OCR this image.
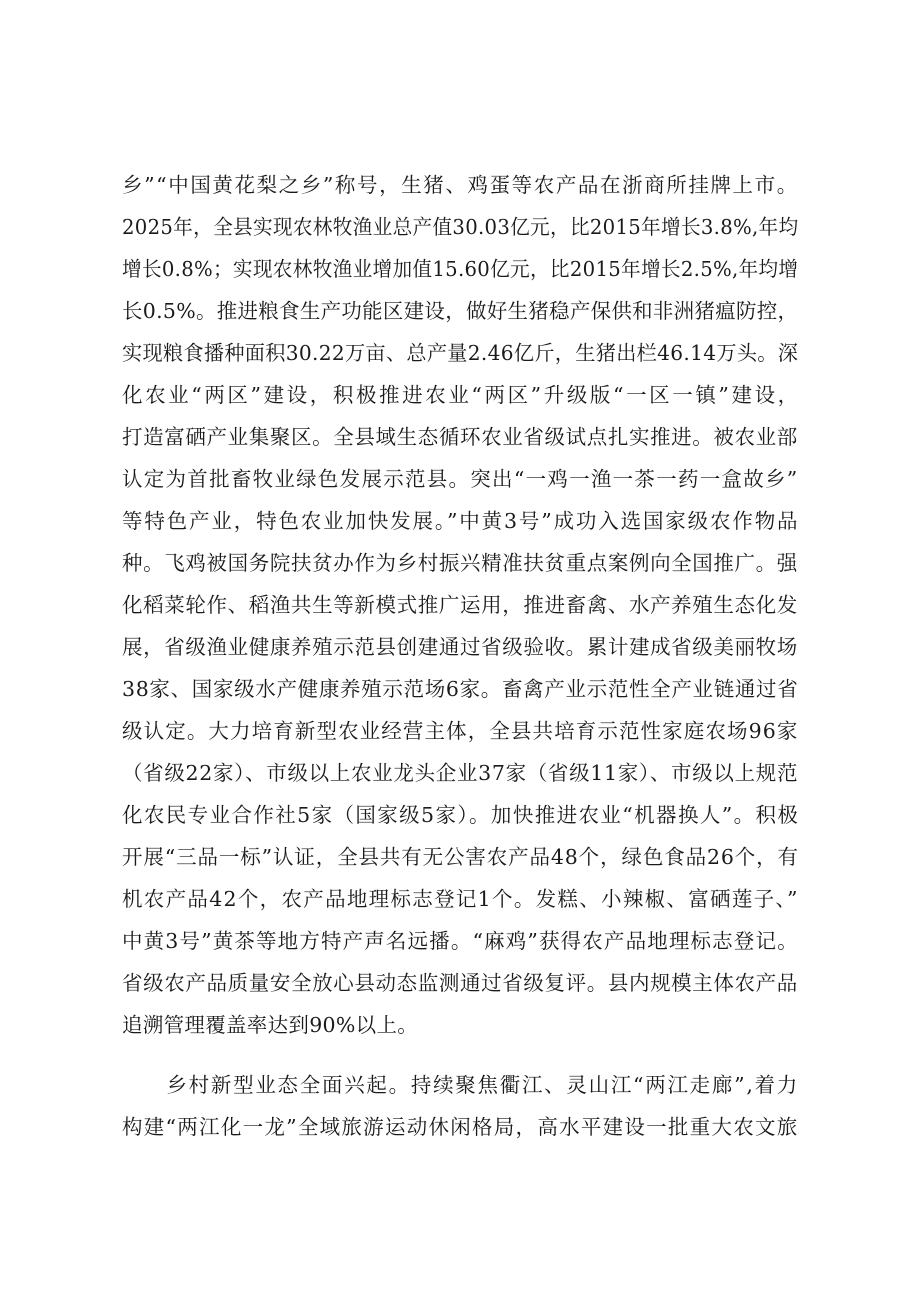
乡”“中国黄花梨之乡”称号，生猪、鸡蛋等农产品在浙商所挂牌上市。
2025年，全县实现农林牧渔业总产值30.03亿元，比2015年增长3.8%,年均
增长0.8%；实现农林牧渔业增加值15.60亿元，比2015年增长2.5%,年均增
长0.5%。推进粮食生产功能区建设，做好生猪稳产保供和非洲猪瘟防控，
实现粮食播种面积30.22万亩、总产量2.46亿斤，生猪出栏46.14万头。深
化农业“两区”建设，积极推进农业“两区”升级版“一区一镇”建设，
打造富硒产业集聚区。全县域生态循环农业省级试点扎实推进。被农业部
认定为首批畜牧业绿色发展示范县。突出“一鸡一渔一茶一药一盒故乡”
等特色产业，特色农业加快发展。”中黄3号”成功入选国家级农作物品
种。飞鸡被国务院扶贫办作为乡村振兴精准扶贫重点案例向全国推广。强
化稻菜轮作、稻渔共生等新模式推广运用，推进畜禽、水产养殖生态化发
展，省级渔业健康养殖示范县创建通过省级验收。累计建成省级美丽牧场
38家、国家级水产健康养殖示范场6家。畜禽产业示范性全产业链通过省
级认定。大力培育新型农业经营主体，全县共培育示范性家庭农场96家
（省级22家）、市级以上农业龙头企业37家（省级11家）、市级以上规范
化农民专业合作社5家（国家级5家）。加快推进农业“机器换人”。积极
开展“三品一标”认证，全县共有无公害农产品48个，绿色食品26个，有
机农产品42个，农产品地理标志登记1个。发糕、小辣椒、富硒莲子、”
中黄3号”黄茶等地方特产声名远播。“麻鸡”获得农产品地理标志登记。
省级农产品质量安全放心县动态监测通过省级复评。县内规模主体农产品
追溯管理覆盖率达到90%以上。
　　乡村新型业态全面兴起。持续聚焦衢江、灵山江“两江走廊”,着力
构建“两江化一龙”全域旅游运动休闲格局，高水平建设一批重大农文旅
